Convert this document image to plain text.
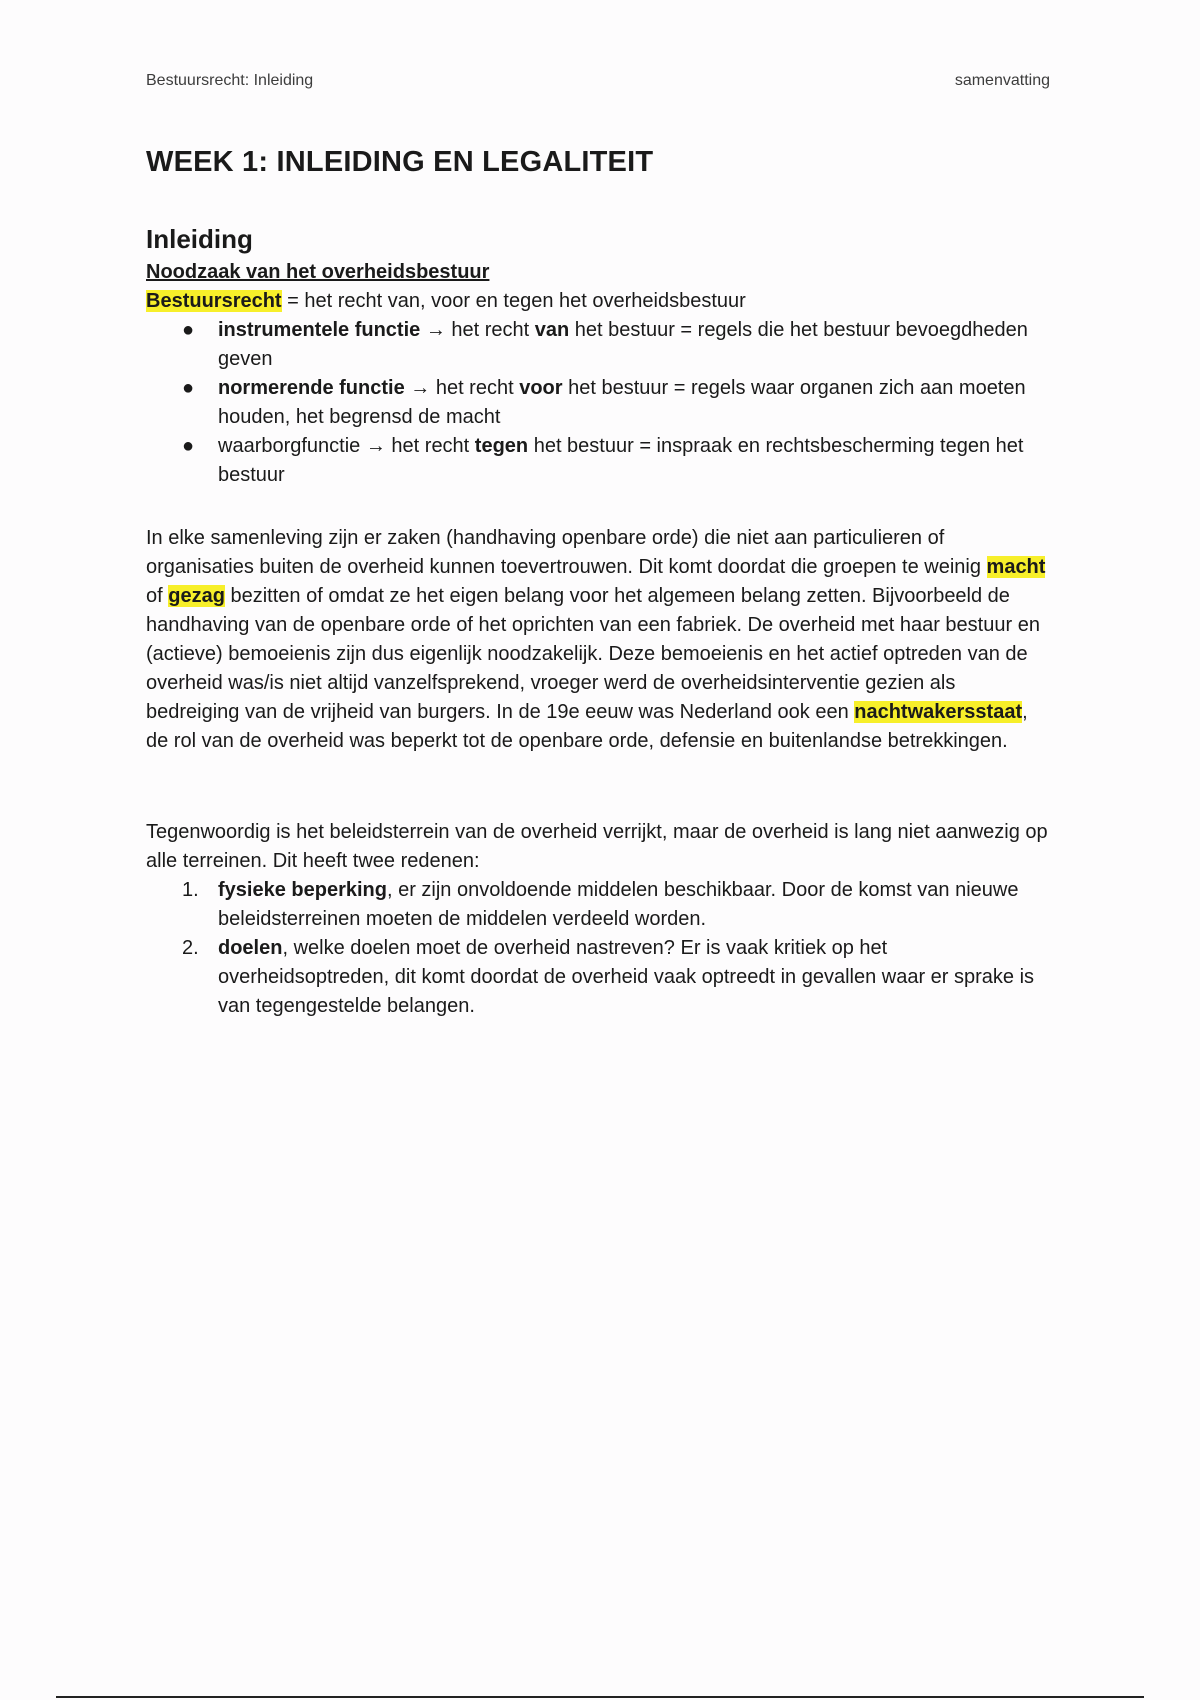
Bestuursrecht: Inleiding	samenvatting
WEEK 1: INLEIDING EN LEGALITEIT
Inleiding
Noodzaak van het overheidsbestuur
Bestuursrecht = het recht van, voor en tegen het overheidsbestuur
● instrumentele functie → het recht van het bestuur = regels die het bestuur bevoegdheden geven
● normerende functie → het recht voor het bestuur = regels waar organen zich aan moeten houden, het begrensd de macht
● waarborgfunctie → het recht tegen het bestuur = inspraak en rechtsbescherming tegen het bestuur

In elke samenleving zijn er zaken (handhaving openbare orde) die niet aan particulieren of organisaties buiten de overheid kunnen toevertrouwen. Dit komt doordat die groepen te weinig macht of gezag bezitten of omdat ze het eigen belang voor het algemeen belang zetten. Bijvoorbeeld de handhaving van de openbare orde of het oprichten van een fabriek. De overheid met haar bestuur en (actieve) bemoeienis zijn dus eigenlijk noodzakelijk. Deze bemoeienis en het actief optreden van de overheid was/is niet altijd vanzelfsprekend, vroeger werd de overheidsinterventie gezien als bedreiging van de vrijheid van burgers. In de 19e eeuw was Nederland ook een nachtwakersstaat, de rol van de overheid was beperkt tot de openbare orde, defensie en buitenlandse betrekkingen.

Tegenwoordig is het beleidsterrein van de overheid verrijkt, maar de overheid is lang niet aanwezig op alle terreinen. Dit heeft twee redenen:

1. fysieke beperking, er zijn onvoldoende middelen beschikbaar. Door de komst van nieuwe beleidsterreinen moeten de middelen verdeeld worden.
2. doelen, welke doelen moet de overheid nastreven? Er is vaak kritiek op het overheidsoptreden, dit komt doordat de overheid vaak optreedt in gevallen waar er sprake is van tegengestelde belangen.
